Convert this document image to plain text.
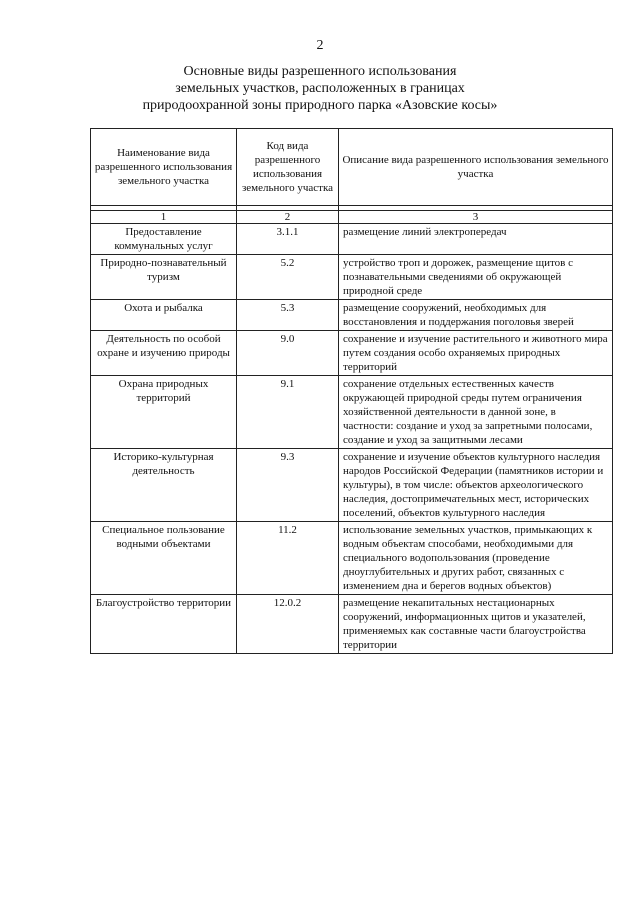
2
Основные виды разрешенного использования
земельных участков, расположенных в границах
природоохранной зоны природного парка «Азовские косы»
Наименование вида разрешенного использования земельного участка	Код вида разрешенного использования земельного участка	Описание вида разрешенного использования земельного участка

1	2	3
Предоставление коммунальных услуг	3.1.1	размещение линий электропередач
Природно-познавательный туризм	5.2	устройство троп и дорожек, размещение щитов с познавательными сведениями об окружающей природной среде
Охота и рыбалка	5.3	размещение сооружений, необходимых для восстановления и поддержания поголовья зверей
Деятельность по особой охране и изучению природы	9.0	сохранение и изучение растительного и животного мира путем создания особо охраняемых природных территорий
Охрана природных территорий	9.1	сохранение отдельных естественных качеств окружающей природной среды путем ограничения хозяйственной деятельности в данной зоне, в частности: создание и уход за запретными полосами, создание и уход за защитными лесами
Историко-культурная деятельность	9.3	сохранение и изучение объектов культурного наследия народов Российской Федерации (памятников истории и культуры), в том числе: объектов археологического наследия, достопримечательных мест, исторических поселений, объектов культурного наследия
Специальное пользование водными объектами	11.2	использование земельных участков, примыкающих к водным объектам способами, необходимыми для специального водопользования (проведение дноуглубительных и других работ, связанных с изменением дна и берегов водных объектов)
Благоустройство территории	12.0.2	размещение некапитальных нестационарных сооружений, информационных щитов и указателей, применяемых как составные части благоустройства территории
